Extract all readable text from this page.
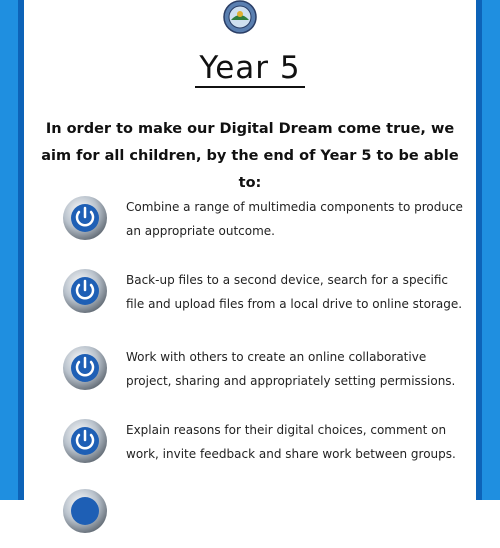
Year 5
In order to make our Digital Dream come true, we aim for all children, by the end of Year 5 to be able to:
Combine a range of multimedia components to produce an appropriate outcome.
Back-up files to a second device, search for a specific file and upload files from a local drive to online storage.
Work with others to create an online collaborative project, sharing and appropriately setting permissions.
Explain reasons for their digital choices, comment on work, invite feedback and share work between groups.
